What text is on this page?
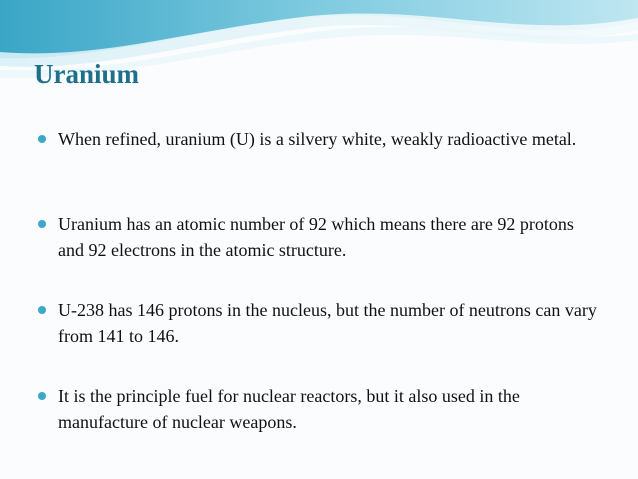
Uranium
When refined, uranium (U) is a silvery white, weakly radioactive metal.
Uranium has an atomic number of 92 which means there are 92 protons and 92 electrons in the atomic structure.
U-238 has 146 protons in the nucleus, but the number of neutrons can vary from 141 to 146.
It is the principle fuel for nuclear reactors, but it also used in the manufacture of nuclear weapons.
